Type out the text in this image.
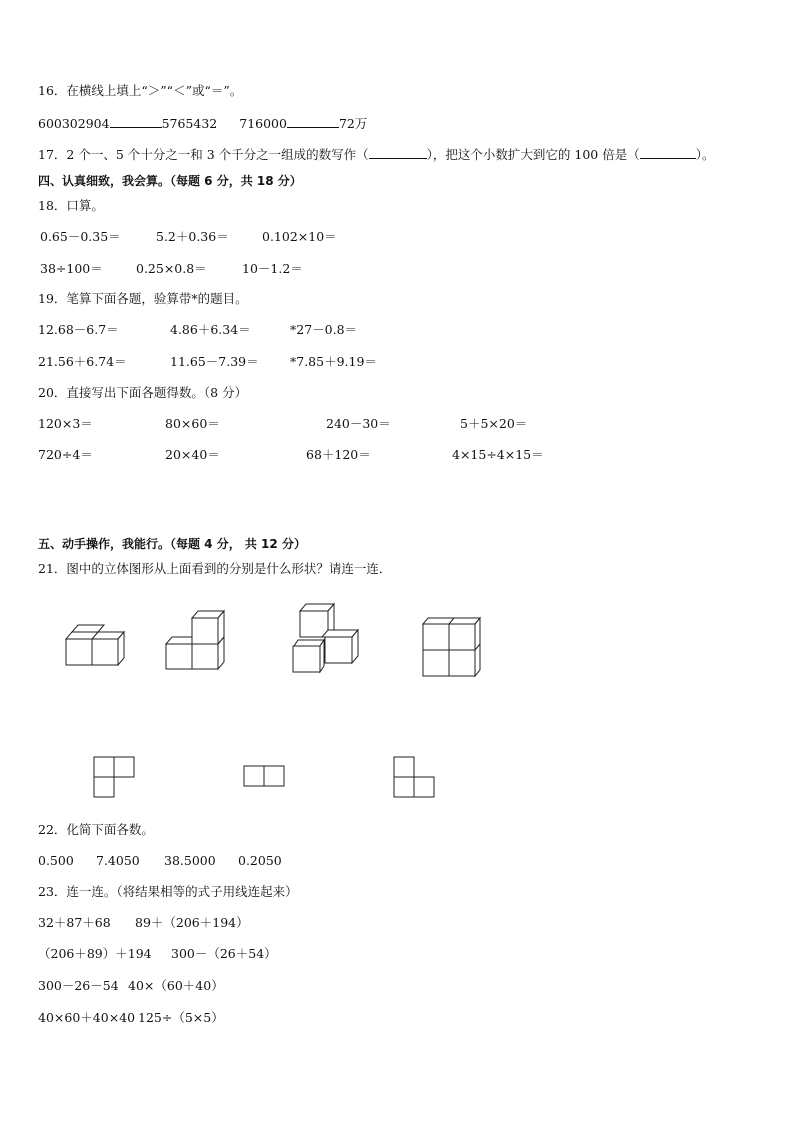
16．在横线上填上“＞”“＜”或“＝”。
600302904	5765432 716000	72万
17．2 个一、5 个十分之一和 3 个千分之一组成的数写作（	），把这个小数扩大到它的 100 倍是（	）。
四、认真细致，我会算。（每题 6 分，共 18 分）
18．口算。
0.65－0.35＝	5.2＋0.36＝	0.102×10＝
38÷100＝	0.25×0.8＝	10－1.2＝
19．笔算下面各题，验算带*的题目。
12.68－6.7＝	4.86＋6.34＝	*27－0.8＝
21.56＋6.74＝	11.65－7.39＝	*7.85＋9.19＝
20．直接写出下面各题得数。（8 分）
120×3＝	80×60＝	240－30＝	5＋5×20＝
720÷4＝	20×40＝	68＋120＝	4×15÷4×15＝
五、动手操作，我能行。（每题 4 分， 共 12 分）
21．图中的立体图形从上面看到的分别是什么形状？请连一连．
22．化简下面各数。
0.500 7.4050 38.5000 0.2050
23．连一连。（将结果相等的式子用线连起来）
32＋87＋68 89＋（206＋194）
（206＋89）＋194 300－（26＋54）
300－26－54 40×（60＋40）
40×60＋40×40 125÷（5×5）
